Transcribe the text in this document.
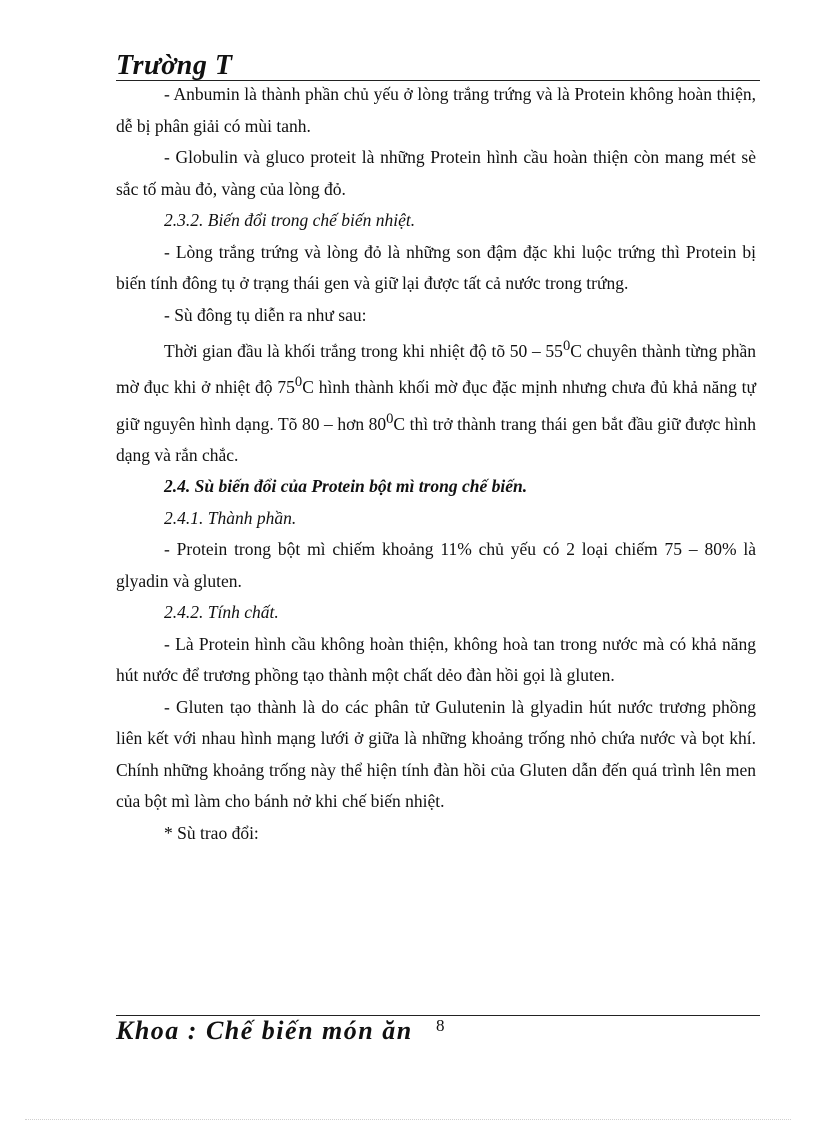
Trường T

- Anbumin là thành phần chủ yếu ở lòng trắng trứng và là Protein không hoàn thiện, dễ bị phân giải có mùi tanh.

- Globulin và gluco proteit là những Protein hình cầu hoàn thiện còn mang mét sè sắc tố màu đỏ, vàng của lòng đỏ.

2.3.2. Biến đổi trong chế biến nhiệt.

- Lòng trắng trứng và lòng đỏ là những son đậm đặc khi luộc trứng thì Protein bị biến tính đông tụ ở trạng thái gen và giữ lại được tất cả nước trong trứng.

- Sù đông tụ diễn ra như sau:

Thời gian đầu là khối trắng trong khi nhiệt độ tõ $50 - 55^0C$ chuyên thành từng phần mờ đục khi ở nhiệt độ $75^0C$ hình thành khối mờ đục đặc mịnh nhưng chưa đủ khả năng tự giữ nguyên hình dạng. Tõ 80 – hơn $80^0C$ thì trở thành trang thái gen bắt đầu giữ được hình dạng và rắn chắc.

2.4. Sù biến đổi của Protein bột mì trong chế biến.

2.4.1. Thành phần.

- Protein trong bột mì chiếm khoảng 11% chủ yếu có 2 loại chiếm 75 – 80% là glyadin và gluten.

2.4.2. Tính chất.

- Là Protein hình cầu không hoàn thiện, không hoà tan trong nước mà có khả năng hút nước để trương phồng tạo thành một chất dẻo đàn hồi gọi là gluten.

- Gluten tạo thành là do các phân tử Gulutenin là glyadin hút nước trương phồng liên kết với nhau hình mạng lưới ở giữa là những khoảng trống nhỏ chứa nước và bọt khí. Chính những khoảng trống này thể hiện tính đàn hồi của Gluten dẫn đến quá trình lên men của bột mì làm cho bánh nở khi chế biến nhiệt.

* Sù trao đổi:

Khoa : Chế biến món ăn 8
